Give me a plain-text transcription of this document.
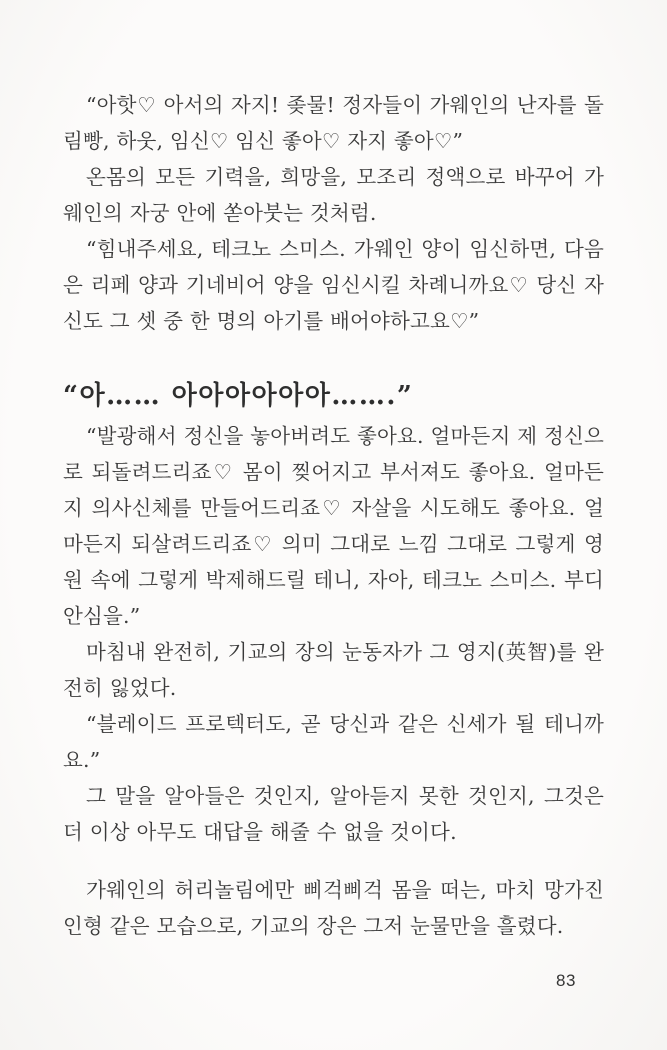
“아핫♡ 아서의 자지! 좆물! 정자들이 가웨인의 난자를 돌
림빵, 하웃, 임신♡ 임신 좋아♡ 자지 좋아♡”
온몸의 모든 기력을, 희망을, 모조리 정액으로 바꾸어 가
웨인의 자궁 안에 쏟아붓는 것처럼.
“힘내주세요, 테크노 스미스. 가웨인 양이 임신하면, 다음
은 리페 양과 기네비어 양을 임신시킬 차례니까요♡ 당신 자
신도 그 셋 중 한 명의 아기를 배어야하고요♡”
“아…… 아아아아아아…….”
“발광해서 정신을 놓아버려도 좋아요. 얼마든지 제 정신으
로 되돌려드리죠♡ 몸이 찢어지고 부서져도 좋아요. 얼마든
지 의사신체를 만들어드리죠♡ 자살을 시도해도 좋아요. 얼
마든지 되살려드리죠♡ 의미 그대로 느낌 그대로 그렇게 영
원 속에 그렇게 박제해드릴 테니, 자아, 테크노 스미스. 부디
안심을.”
마침내 완전히, 기교의 장의 눈동자가 그 영지(英智)를 완
전히 잃었다.
“블레이드 프로텍터도, 곧 당신과 같은 신세가 될 테니까
요.”
그 말을 알아들은 것인지, 알아듣지 못한 것인지, 그것은
더 이상 아무도 대답을 해줄 수 없을 것이다.
가웨인의 허리놀림에만 삐걱삐걱 몸을 떠는, 마치 망가진
인형 같은 모습으로, 기교의 장은 그저 눈물만을 흘렸다.
83
